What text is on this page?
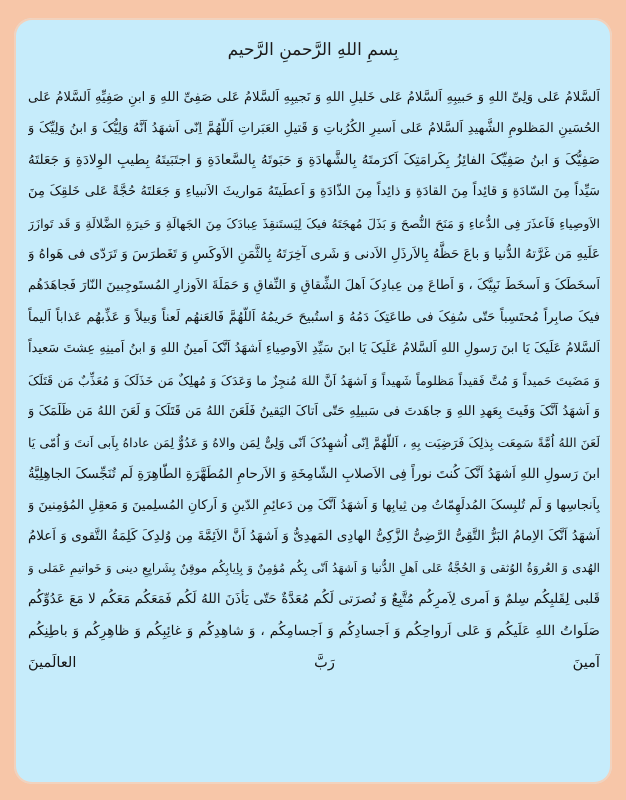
بِسمِ اللهِ الرَّحمنِ الرَّحیم
اَلسَّلامُ عَلی وَلِیِّ اللهِ وَ حَبیبِهِ اَلسَّلامُ عَلی خَلیلِ اللهِ وَ نَجیبِهِ اَلسَّلامُ عَلی صَفِیِّ اللهِ وَ ابنِ صَفِیِّهِ اَلسَّلامُ عَلی
الحُسَینِ المَظلومِ الشَّهیدِ اَلسَّلامُ عَلی اَسیرِ الکُرُباتِ وَ قَتیلِ العَبَراتِ اَللّهُمَّ اِنّی اَشهَدُ اَنَّهُ وَلِیُّکَ وَ ابنُ وَلِیِّکَ وَ
صَفِیُّکَ وَ ابنُ صَفِیِّکَ الفائِزُ بِکَرامَتِکَ اَکرَمتَهُ بِالشَّهادَةِ وَ حَبَوتَهُ بِالسَّعادَةِ وَ اجتَبَیتَهُ بِطیبِ الوِلادَةِ وَ جَعَلتَهُ
سَیِّداً مِنَ السّادَةِ وَ قائِداً مِنَ القادَةِ وَ ذائِداً مِنَ الذّادَةِ وَ اَعطَیتَهُ مَواریثَ الاَنبیاءِ وَ جَعَلتَهُ حُجَّةً عَلی خَلقِکَ مِنَ
الاَوصِیاءِ فَاَعذَرَ فِی الدُّعاءِ وَ مَنَحَ النُّصحَ وَ بَذَلَ مُهجَتَهُ فیکَ لِیَستَنقِذَ عِبادَکَ مِنَ الجَهالَةِ وَ حَیرَةِ الضَّلالَةِ وَ قَد تَوازَرَ
عَلَیهِ مَن غَرَّتهُ الدُّنیا وَ باعَ حَظَّهُ بِالاَرذَلِ الاَدنی وَ شَری آخِرَتَهُ بِالثَّمَنِ الاَوکَسِ وَ تَغَطرَسَ وَ تَرَدّی فی هَواهُ وَ
اَسخَطَکَ وَ اَسخَطَ نَبِیَّکَ ، وَ اَطاعَ مِن عِبادِکَ اَهلَ الشِّقاقِ وَ النِّفاقِ وَ حَمَلَةَ الاَوزارِ المُستَوجِبینَ النّارَ فَجاهَدَهُم
فیکَ صابِراً مُحتَسِباً حَتّی سُفِکَ فی طاعَتِکَ دَمُهُ وَ استُبیحَ حَریمُهُ اَللّهُمَّ فَالعَنهُم لَعناً وَبیلاً وَ عَذِّبهُم عَذاباً اَلیماً
اَلسَّلامُ عَلَیکَ یَا ابنَ رَسولِ اللهِ اَلسَّلامُ عَلَیکَ یَا ابنَ سَیِّدِ الاَوصِیاءِ اَشهَدُ اَنَّکَ اَمینُ اللهِ وَ ابنُ اَمینِهِ عِشتَ سَعیداً
وَ مَضَیتَ حَمیداً وَ مُتَّ فَقیداً مَظلوماً شَهیداً وَ اَشهَدُ اَنَّ اللهَ مُنجِزٌ ما وَعَدَکَ وَ مُهلِکٌ مَن خَذَلَکَ وَ مُعَذِّبٌ مَن قَتَلَکَ
وَ اَشهَدُ اَنَّکَ وَفَیتَ بِعَهدِ اللهِ وَ جاهَدتَ فی سَبیلِهِ حَتّی اَتاکَ الیَقینُ فَلَعَنَ اللهُ مَن قَتَلَکَ وَ لَعَنَ اللهُ مَن ظَلَمَکَ وَ
لَعَنَ اللهُ اُمَّةً سَمِعَت بِذلِکَ فَرَضِیَت بِهِ ، اَللّهُمَّ اِنّی اُشهِدُکَ اَنّی وَلِیٌّ لِمَن والاهُ وَ عَدُوٌّ لِمَن عاداهُ بِاَبی اَنتَ وَ اُمّی یَا
ابنَ رَسولِ اللهِ اَشهَدُ اَنَّکَ کُنتَ نوراً فِی الاَصلابِ الشّامِخَةِ وَ الاَرحامِ المُطَهَّرَةِ الطّاهِرَةِ لَم تُنَجِّسکَ الجاهِلِیَّةُ
بِاَنجاسِها وَ لَم تُلبِسکَ المُدلَهِمّاتُ مِن ثِیابِها وَ اَشهَدُ اَنَّکَ مِن دَعائِمِ الدّینِ وَ اَرکانِ المُسلِمینَ وَ مَعقِلِ المُؤمِنینَ وَ
اَشهَدُ اَنَّکَ الاِمامُ البَرُّ التَّقِیُّ الرَّضِیُّ الزَّکِیُّ الهادِی المَهدِیُّ وَ اَشهَدُ اَنَّ الاَئِمَّةَ مِن وُلدِکَ کَلِمَةُ التَّقوی وَ اَعلامُ
الهُدی وَ العُروَةُ الوُثقی وَ الحُجَّةُ عَلی اَهلِ الدُّنیا وَ اَشهَدُ اَنّی بِکُم مُؤمِنٌ وَ بِاِیابِکُم موقِنٌ بِشَرایِعِ دینی وَ خَواتیمِ عَمَلی وَ
قَلبی لِقَلبِکُم سِلمٌ وَ اَمری لِاَمرِکُم مُتَّبِعٌ وَ نُصرَتی لَکُم مُعَدَّةٌ حَتّی یَأذَنَ اللهُ لَکُم فَمَعَکُم مَعَکُم لا مَعَ عَدُوِّکُم
صَلَواتُ اللهِ عَلَیکُم وَ عَلی اَرواحِکُم وَ اَجسادِکُم وَ اَجسامِکُم ، وَ شاهِدِکُم وَ غائِبِکُم وَ ظاهِرِکُم وَ باطِنِکُم
آمینَ رَبَّ العالَمینَ
